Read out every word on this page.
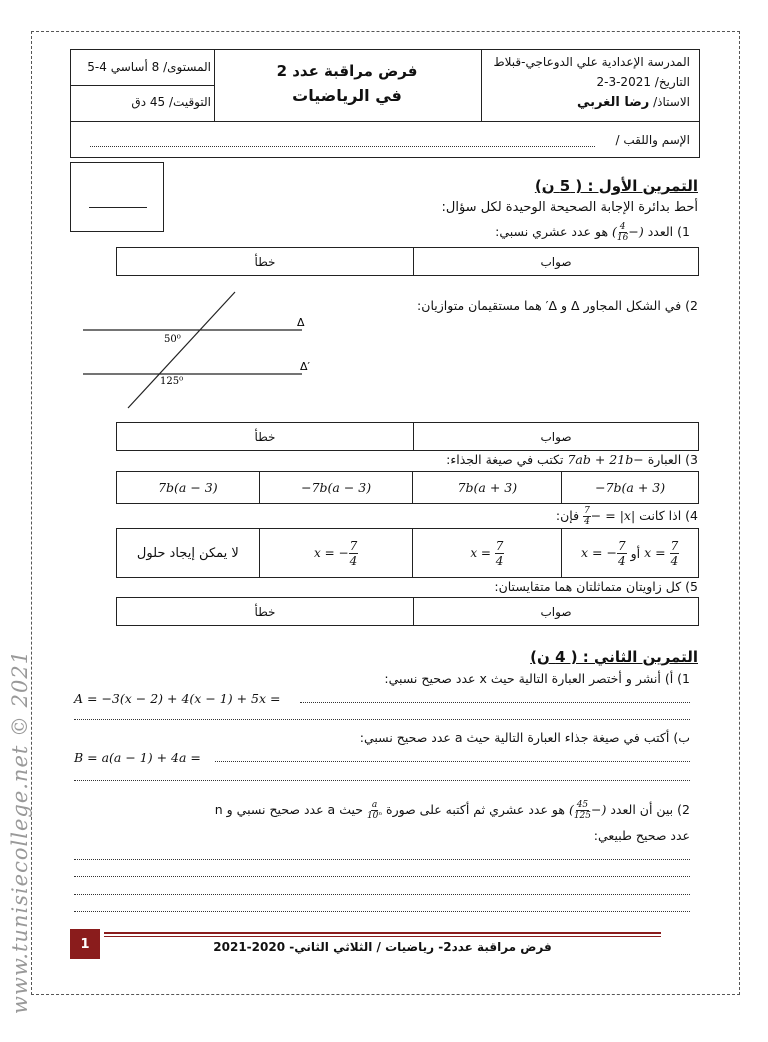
www.tunisiecollege.net © 2021
المدرسة الإعدادية علي الدوعاجي-قبلاط
التاريخ/ 2-3-2021
الاستاذ/ رضا الغربي
فرض مراقبة عدد 2
في الرياضيات
المستوى/ 8 أساسي 4-5
التوقيت/ 45 دق
الإسم واللقب /
التمرين الأول : ( 5 ن)
أحط بدائرة الإجابة الصحيحة الوحيدة لكل سؤال:
1) العدد (−
$\frac{4}{16}$
) هو عدد عشري نسبي:
صواب
خطأ
2) في الشكل المجاور Δ و Δ′ هما مستقيمان متوازيان:
50⁰
125⁰
Δ
Δ′
صواب
خطأ
3) العبارة −7ab + 21b تكتب في صيغة الجذاء:
−7b(a + 3)
7b(a + 3)
−7b(a − 3)
7b(a − 3)
4) اذا كانت |x| = −
$\frac{7}{4}$
فإن:
$x = \frac{7}{4}$

أو

x = − $\frac{7}{4}$
$x = \frac{7}{4}$
x = − $\frac{7}{4}$
لا يمكن إيجاد حلول
5) كل زاويتان متماثلتان هما متقايستان:
صواب
خطأ
التمرين الثاني : ( 4 ن)
1) أ) أنشر و أختصر العبارة التالية حيث x عدد صحيح نسبي:
A = −3(x − 2) + 4(x − 1) + 5x =
ب) أكتب في صيغة جذاء العبارة التالية حيث a عدد صحيح نسبي:
B = a(a − 1) + 4a =
2) بين أن العدد (−
$\frac{45}{125}$
) هو عدد عشري ثم أكتبه على صورة
$\frac{a}{\text{10ⁿ}}$
حيث a عدد صحيح نسبي و n
عدد صحيح طبيعي:
1	فرض مراقبة عدد2- رياضيات / الثلاثي الثاني- 2020-2021
